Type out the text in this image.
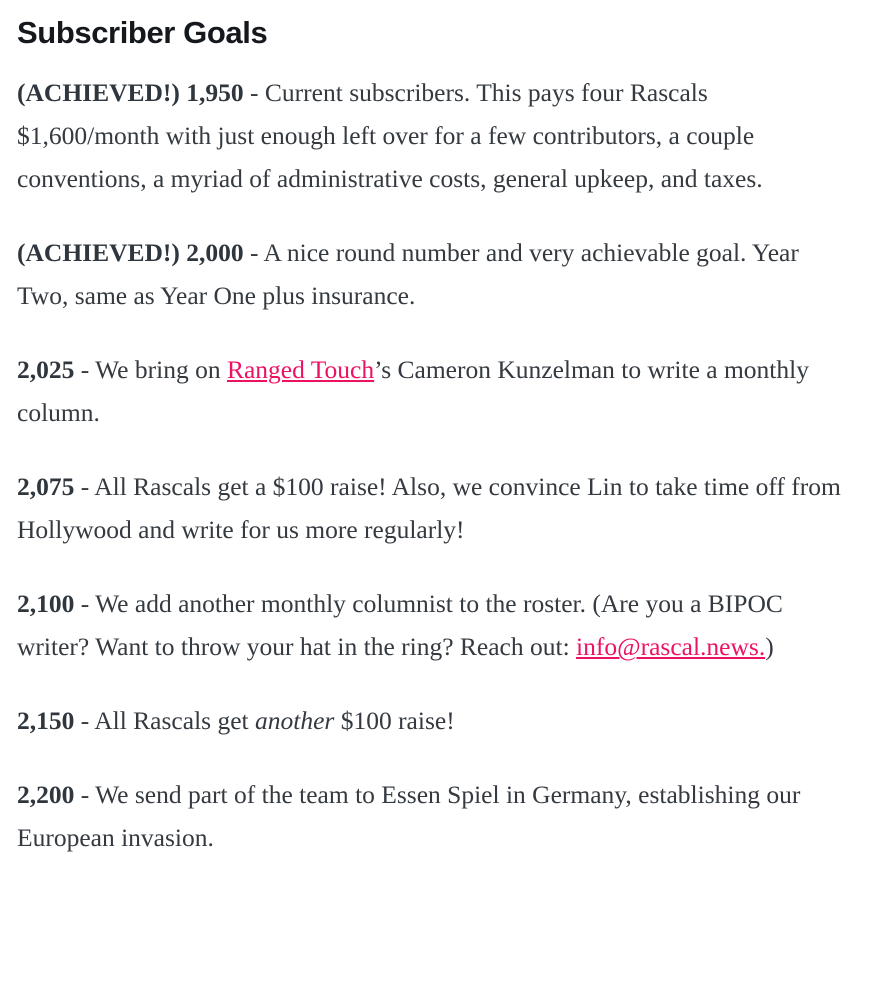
Subscriber Goals

(ACHIEVED!) 1,950 - Current subscribers. This pays four Rascals $1,600/month with just enough left over for a few contributors, a couple conventions, a myriad of administrative costs, general upkeep, and taxes.

(ACHIEVED!) 2,000 - A nice round number and very achievable goal. Year Two, same as Year One plus insurance.

2,025 - We bring on Ranged Touch’s Cameron Kunzelman to write a monthly column.

2,075 - All Rascals get a $100 raise! Also, we convince Lin to take time off from Hollywood and write for us more regularly!

2,100 - We add another monthly columnist to the roster. (Are you a BIPOC writer? Want to throw your hat in the ring? Reach out: info@rascal.news.)

2,150 - All Rascals get another $100 raise!

2,200 - We send part of the team to Essen Spiel in Germany, establishing our European invasion.
